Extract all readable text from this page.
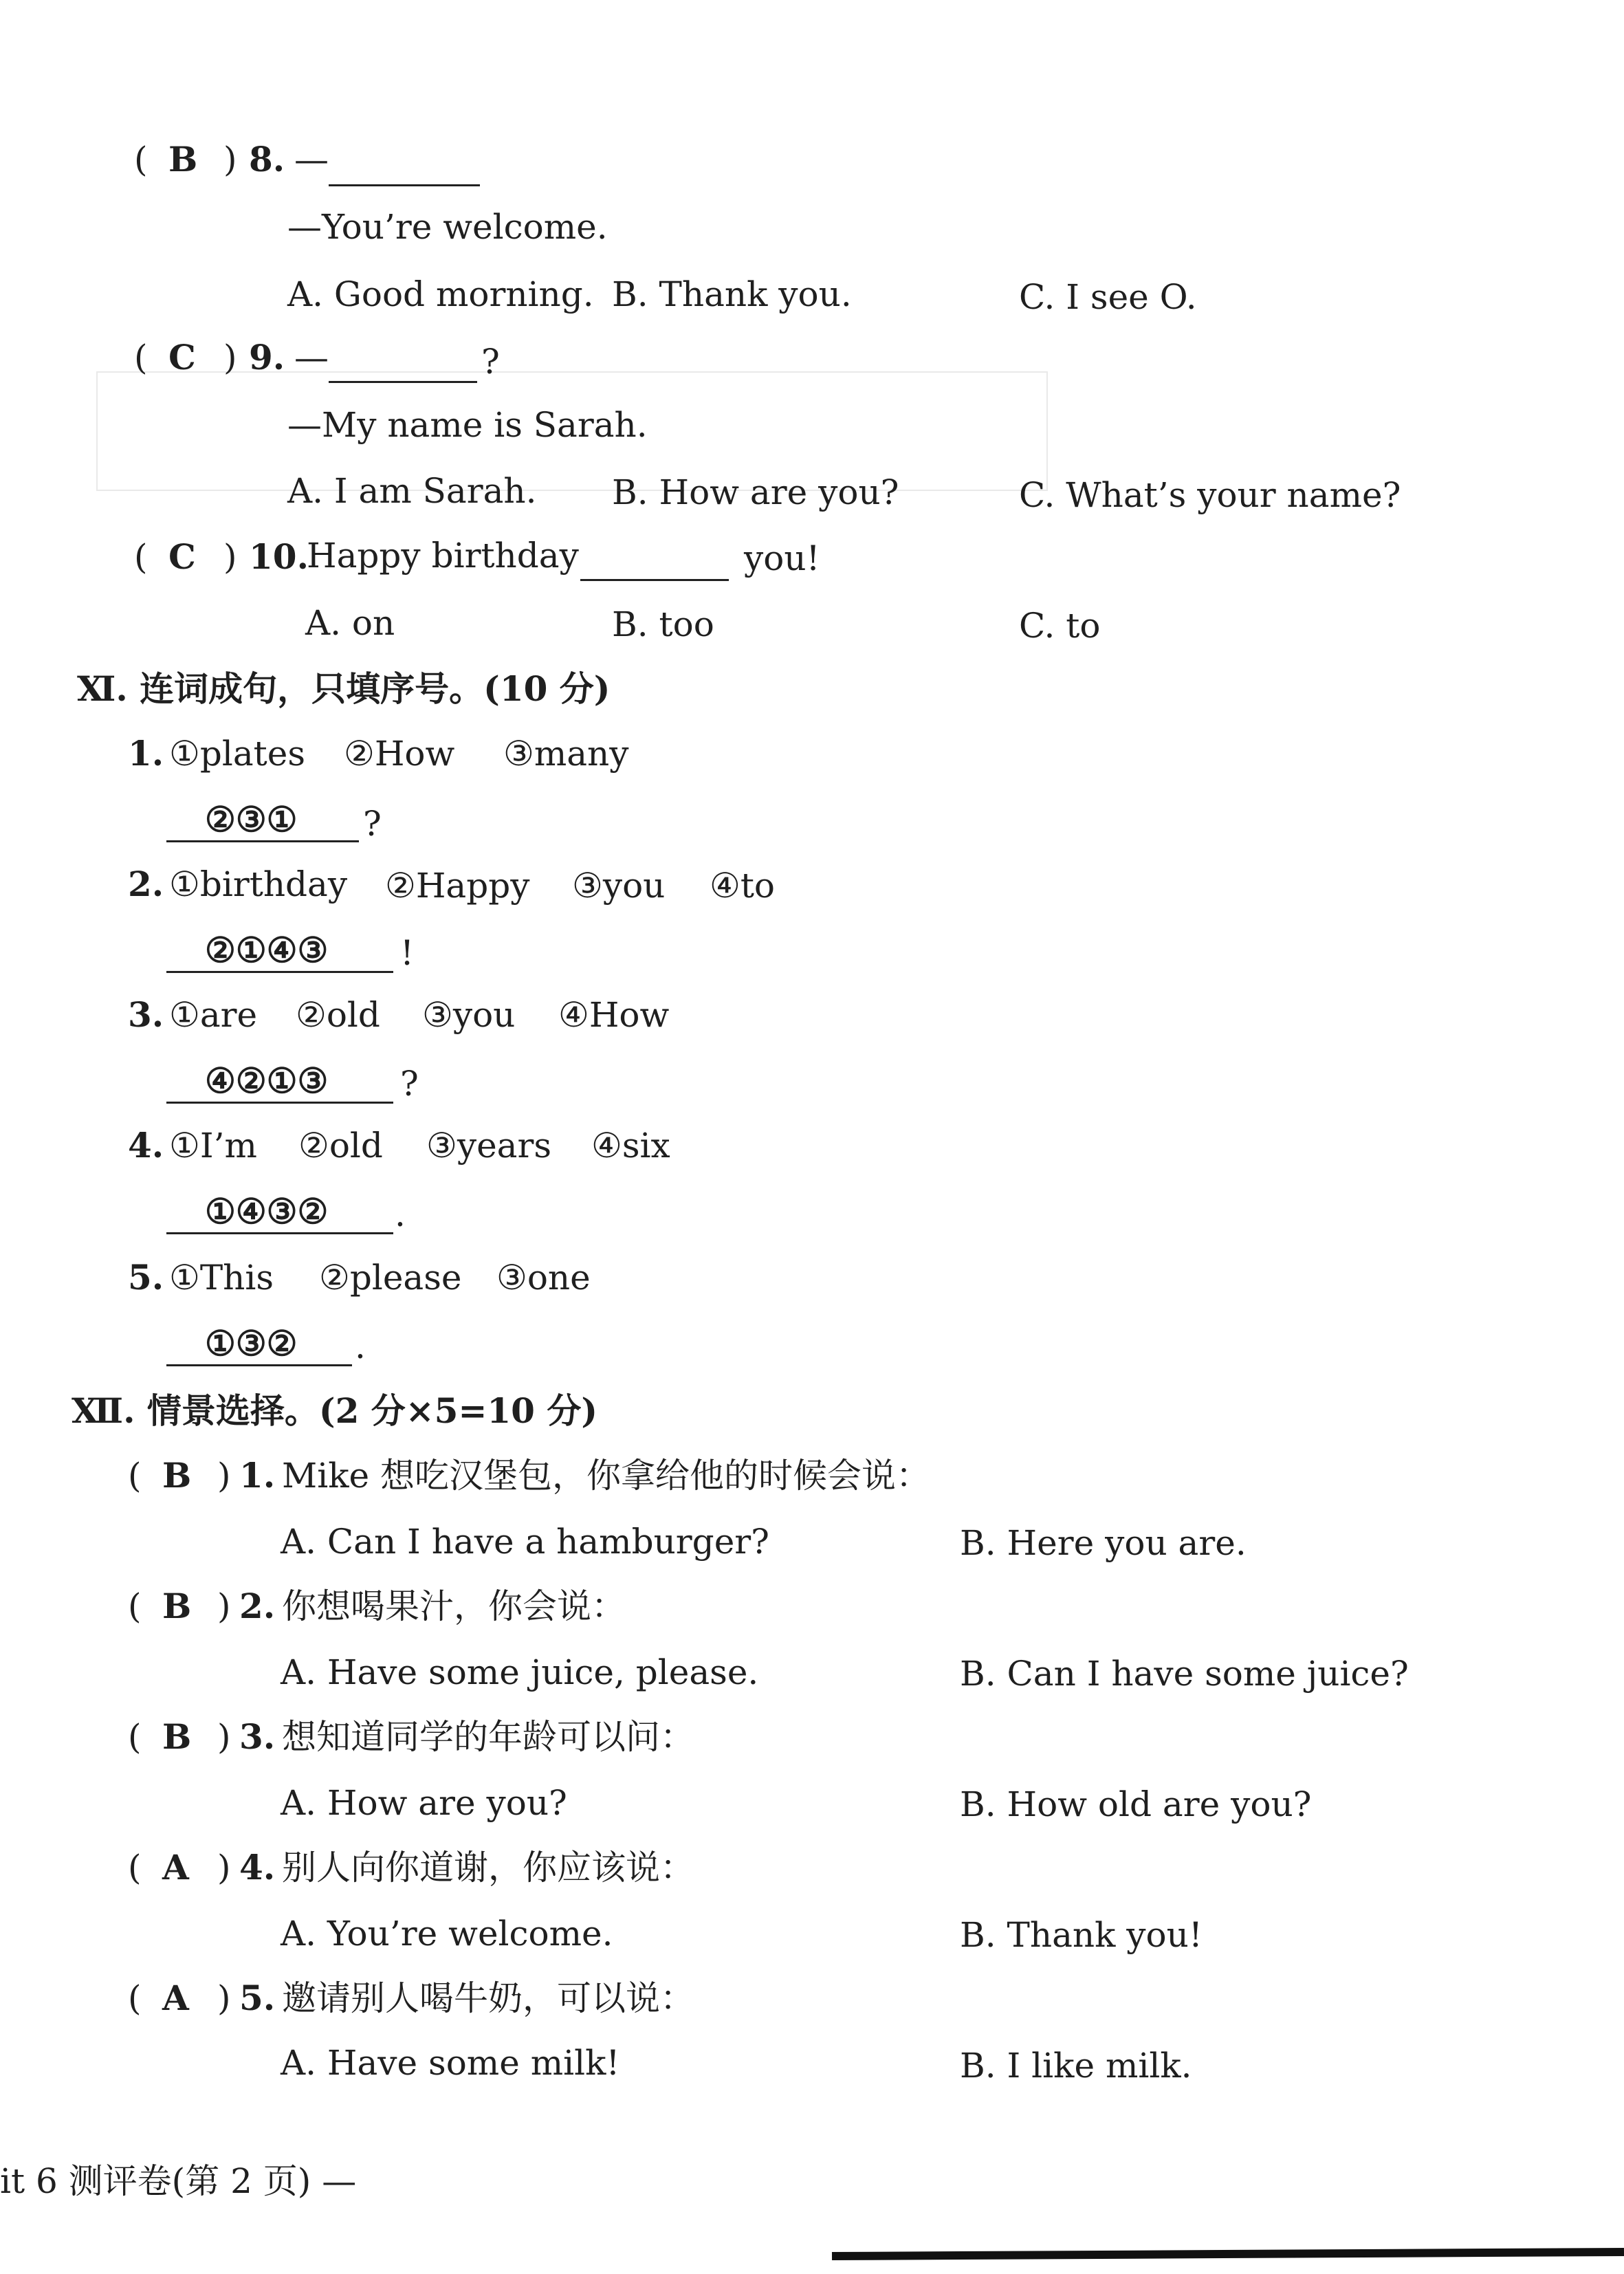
( B ) 8. —
—You’re welcome.
A. Good morning. B. Thank you.	C. I see O.
( C ) 9. —	?
—My name is Sarah.
A. I am Sarah. B. How are you?	C. What’s your name?
( C ) 10.
Happy birthday	you!
A. on	B. too	C. to
Ⅺ. 连词成句，只填序号。(10 分)
1. ①plates ②How ③many
②③① ?
2. ①birthday ②Happy ③you ④to
②①④③ !
3. ①are ②old ③you ④How
④②①③ ?
4. ①I’m ②old ③years ④six
①④③② .
5. ①This ②please ③one
①③② .
Ⅻ. 情景选择。(2 分×5=10 分)
( B ) 1. Mike 想吃汉堡包，你拿给他的时候会说：
A. Can I have a hamburger?	B. Here you are.
( B ) 2. 你想喝果汁，你会说：
A. Have some juice, please.	B. Can I have some juice?
( B ) 3. 想知道同学的年龄可以问：
A. How are you?	B. How old are you?
( A ) 4. 别人向你道谢，你应该说：
A. You’re welcome.	B. Thank you!
( A ) 5. 邀请别人喝牛奶，可以说：
A. Have some milk!	B. I like milk.
it 6 测评卷(第 2 页) —
